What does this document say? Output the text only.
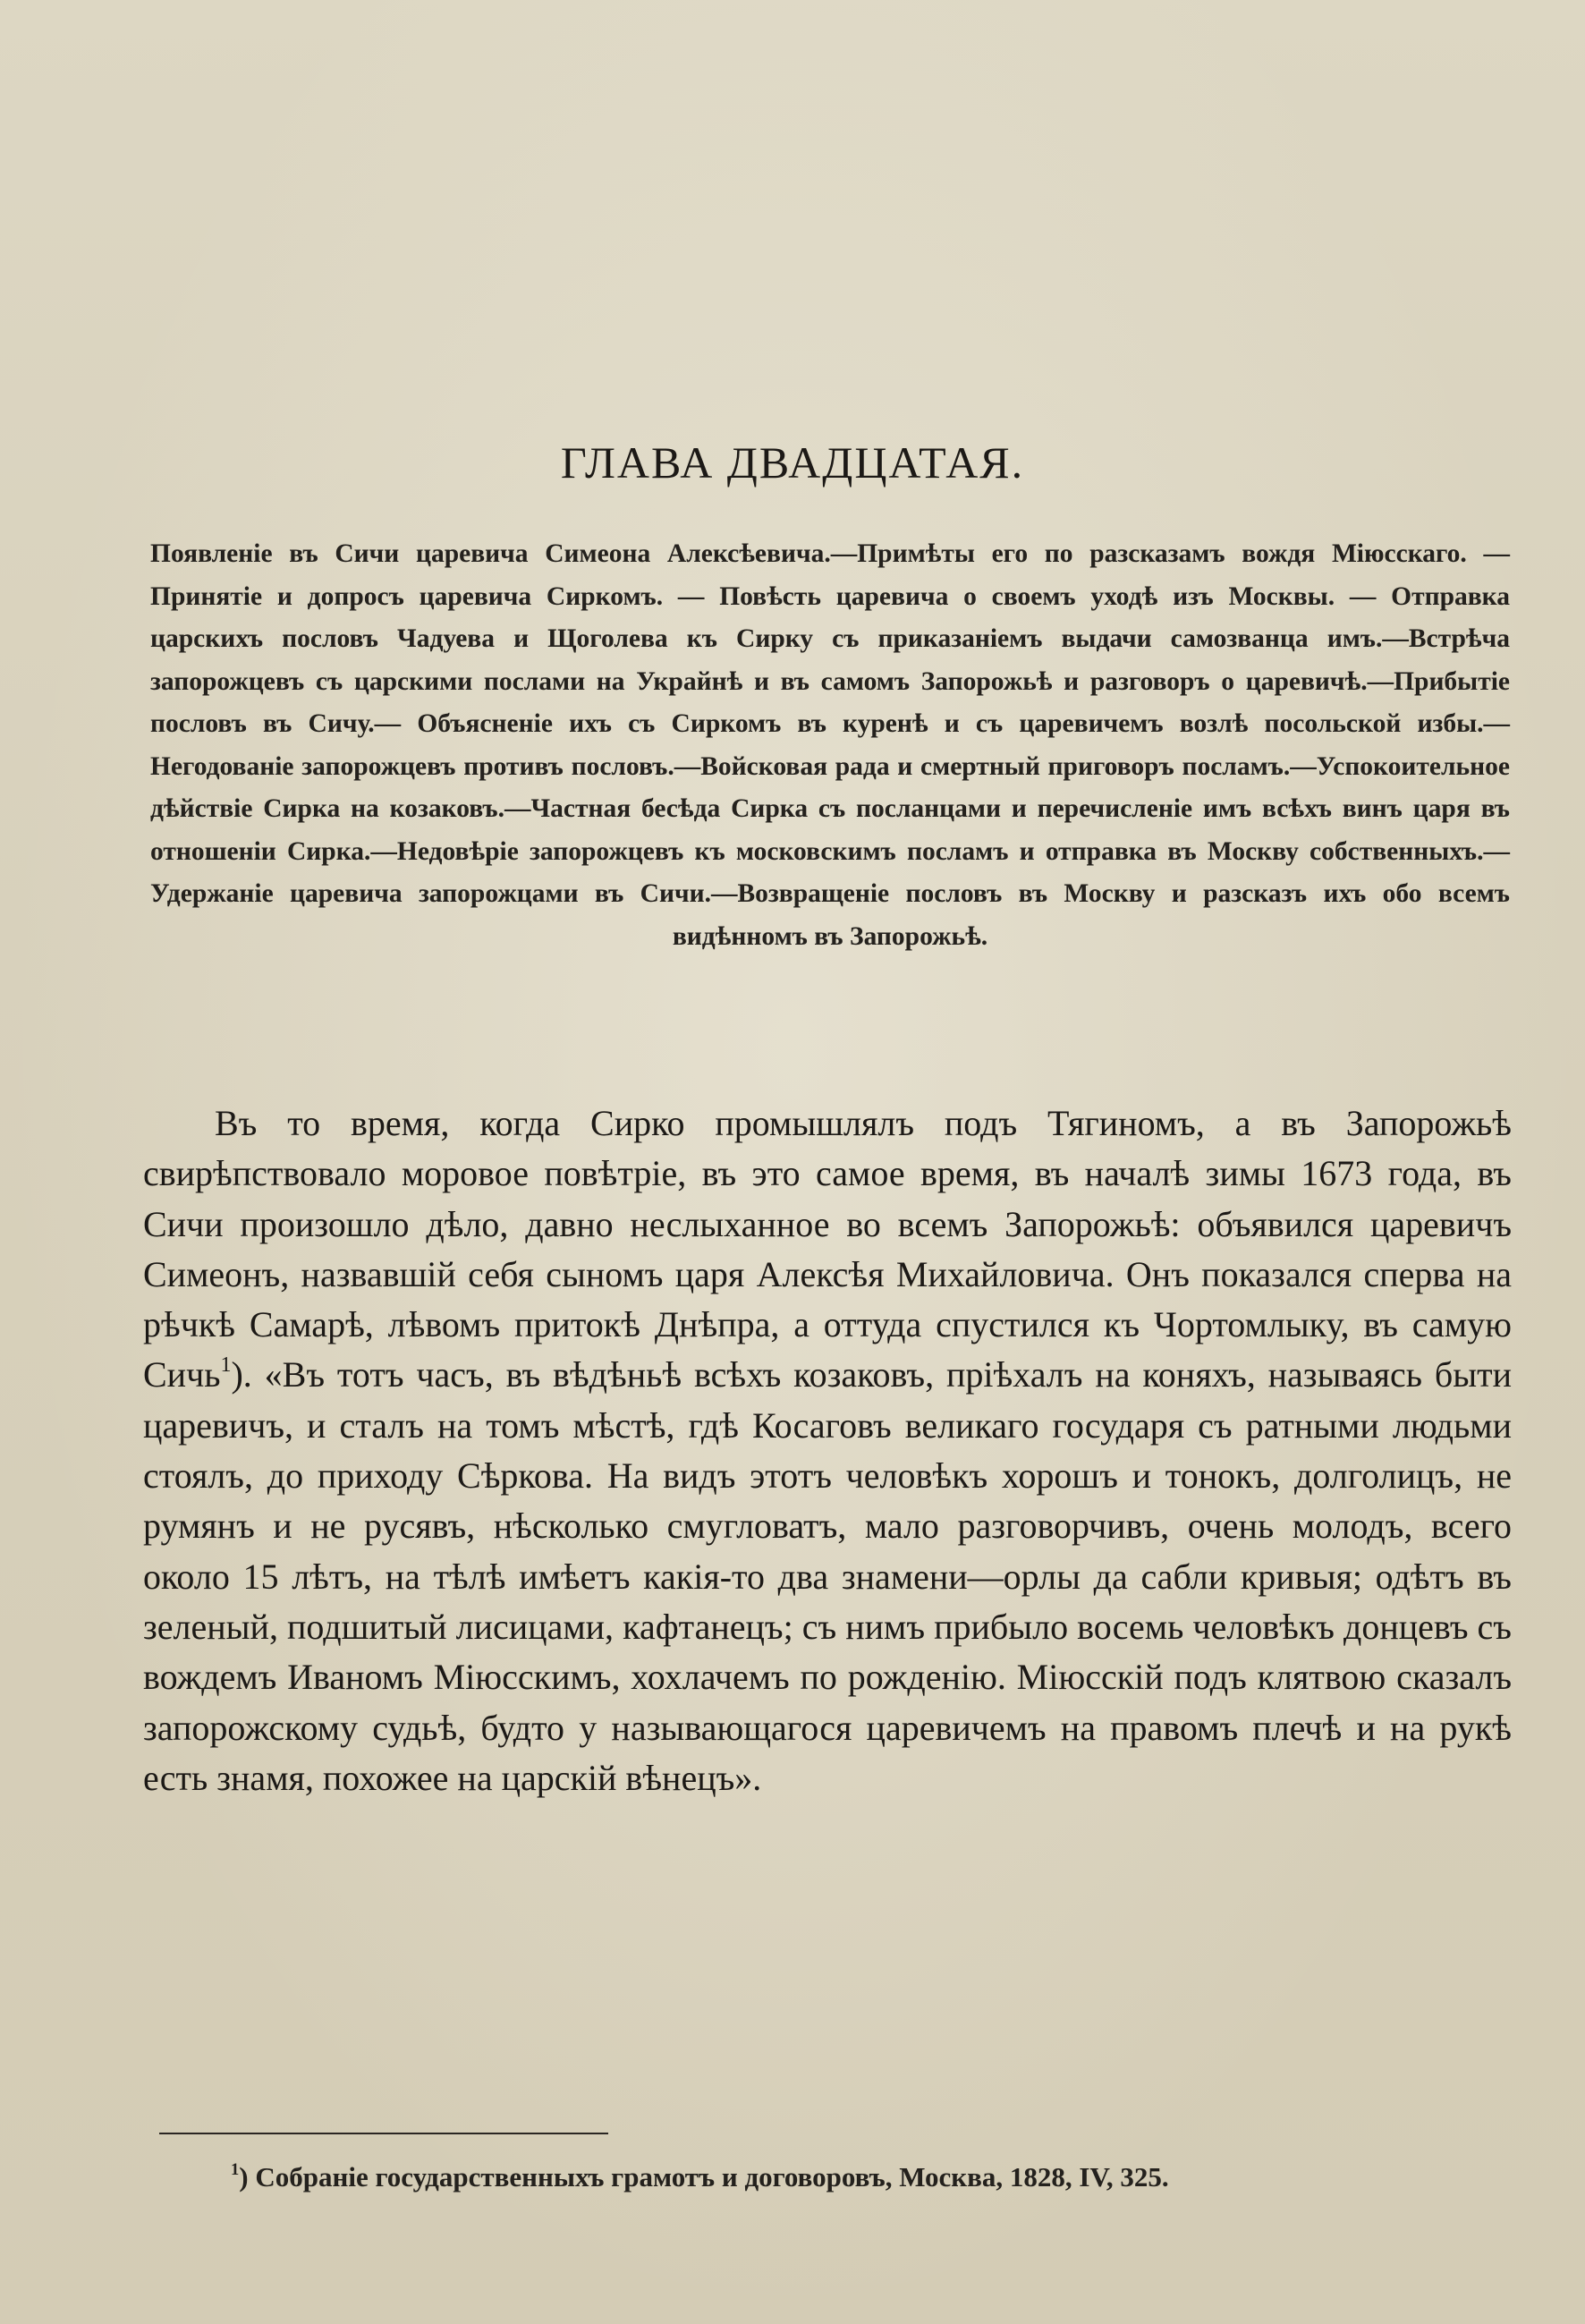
ГЛАВА ДВАДЦАТАЯ.
Появленіе въ Сичи царевича Симеона Алексѣевича.—Примѣты его по разсказамъ вождя Міюсскаго. — Принятіе и допросъ царевича Сиркомъ. — Повѣсть царевича о своемъ уходѣ изъ Москвы. — Отправка царскихъ пословъ Чадуева и Щоголева къ Сирку съ приказаніемъ выдачи самозванца имъ.—Встрѣча запорожцевъ съ царскими послами на Украйнѣ и въ самомъ Запорожьѣ и разговоръ о царевичѣ.—Прибытіе пословъ въ Сичу.— Объясненіе ихъ съ Сиркомъ въ куренѣ и съ царевичемъ возлѣ посольской избы.—Негодованіе запорожцевъ противъ пословъ.—Войсковая рада и смертный приговоръ посламъ.—Успокоительное дѣйствіе Сирка на козаковъ.—Частная бесѣда Сирка съ посланцами и перечисленіе имъ всѣхъ винъ царя въ отношеніи Сирка.—Недовѣріе запорожцевъ къ московскимъ посламъ и отправка въ Москву собственныхъ.—Удержаніе царевича запорожцами въ Сичи.—Возвращеніе пословъ въ Москву и разсказъ ихъ обо всемъ видѣнномъ въ Запорожьѣ.

Въ то время, когда Сирко промышлялъ подъ Тягиномъ, а въ Запорожьѣ свирѣпствовало моровое повѣтріе, въ это самое время, въ началѣ зимы 1673 года, въ Сичи произошло дѣло, давно неслыханное во всемъ Запорожьѣ: объявился царевичъ Симеонъ, назвавшій себя сыномъ царя Алексѣя Михайловича. Онъ показался сперва на рѣчкѣ Самарѣ, лѣвомъ притокѣ Днѣпра, а оттуда спустился къ Чортомлыку, въ самую Сичь$^1$). «Въ тотъ часъ, въ вѣдѣньѣ всѣхъ козаковъ, пріѣхалъ на коняхъ, называясь быти царевичъ, и сталъ на томъ мѣстѣ, гдѣ Косаговъ великаго государя съ ратными людьми стоялъ, до приходу Сѣркова. На видъ этотъ человѣкъ хорошъ и тонокъ, долголицъ, не румянъ и не русявъ, нѣсколько смугловатъ, мало разговорчивъ, очень молодъ, всего около 15 лѣтъ, на тѣлѣ имѣетъ какія-то два знамени—орлы да сабли кривыя; одѣтъ въ зеленый, подшитый лисицами, кафтанецъ; съ нимъ прибыло восемь человѣкъ донцевъ съ вождемъ Иваномъ Міюсскимъ, хохлачемъ по рожденію. Міюсскій подъ клятвою сказалъ запорожскому судьѣ, будто у называющагося царевичемъ на правомъ плечѣ и на рукѣ есть знамя, похожее на царскій вѣнецъ».

$^1$) Собраніе государственныхъ грамотъ и договоровъ, Москва, 1828, IV, 325.
